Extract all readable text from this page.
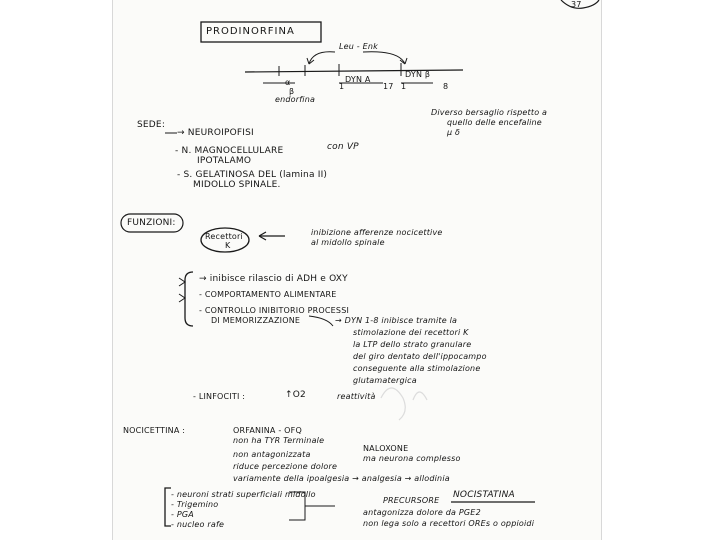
37
PRODINORFINA
Leu - Enk
α	DYN A
DYN β
β
endorfina
1	17 1	8
Diverso bersaglio rispetto a
quello delle encefaline
μ δ
SEDE:
→ NEUROIPOFISI
- N. MAGNOCELLULARE
IPOTALAMO
con VP
- S. GELATINOSA DEL (lamina II)
MIDOLLO SPINALE.
FUNZIONI:
Recettori
K
inibizione afferenze nocicettive
al midollo spinale
→ inibisce rilascio di ADH e OXY
- COMPORTAMENTO ALIMENTARE
- CONTROLLO INIBITORIO PROCESSI
DI MEMORIZZAZIONE	→ DYN 1-8 inibisce tramite la
stimolazione dei recettori K
la LTP dello strato granulare
del giro dentato dell'ippocampo
conseguente alla stimolazione
glutamatergica
- LINFOCITI :	↑O2	reattività
NOCICETTINA :	ORFANINA - OFQ
non ha TYR Terminale
NALOXONE
non antagonizzata
riduce percezione dolore
ma neurona complesso
variamente della ipoalgesia → analgesia → allodinia
- neuroni strati superficiali midollo
- Trigemino
- PGA
- nucleo rafe
PRECURSORE
NOCISTATINA
antagonizza dolore da PGE2
non lega solo a recettori OREs o oppioidi
